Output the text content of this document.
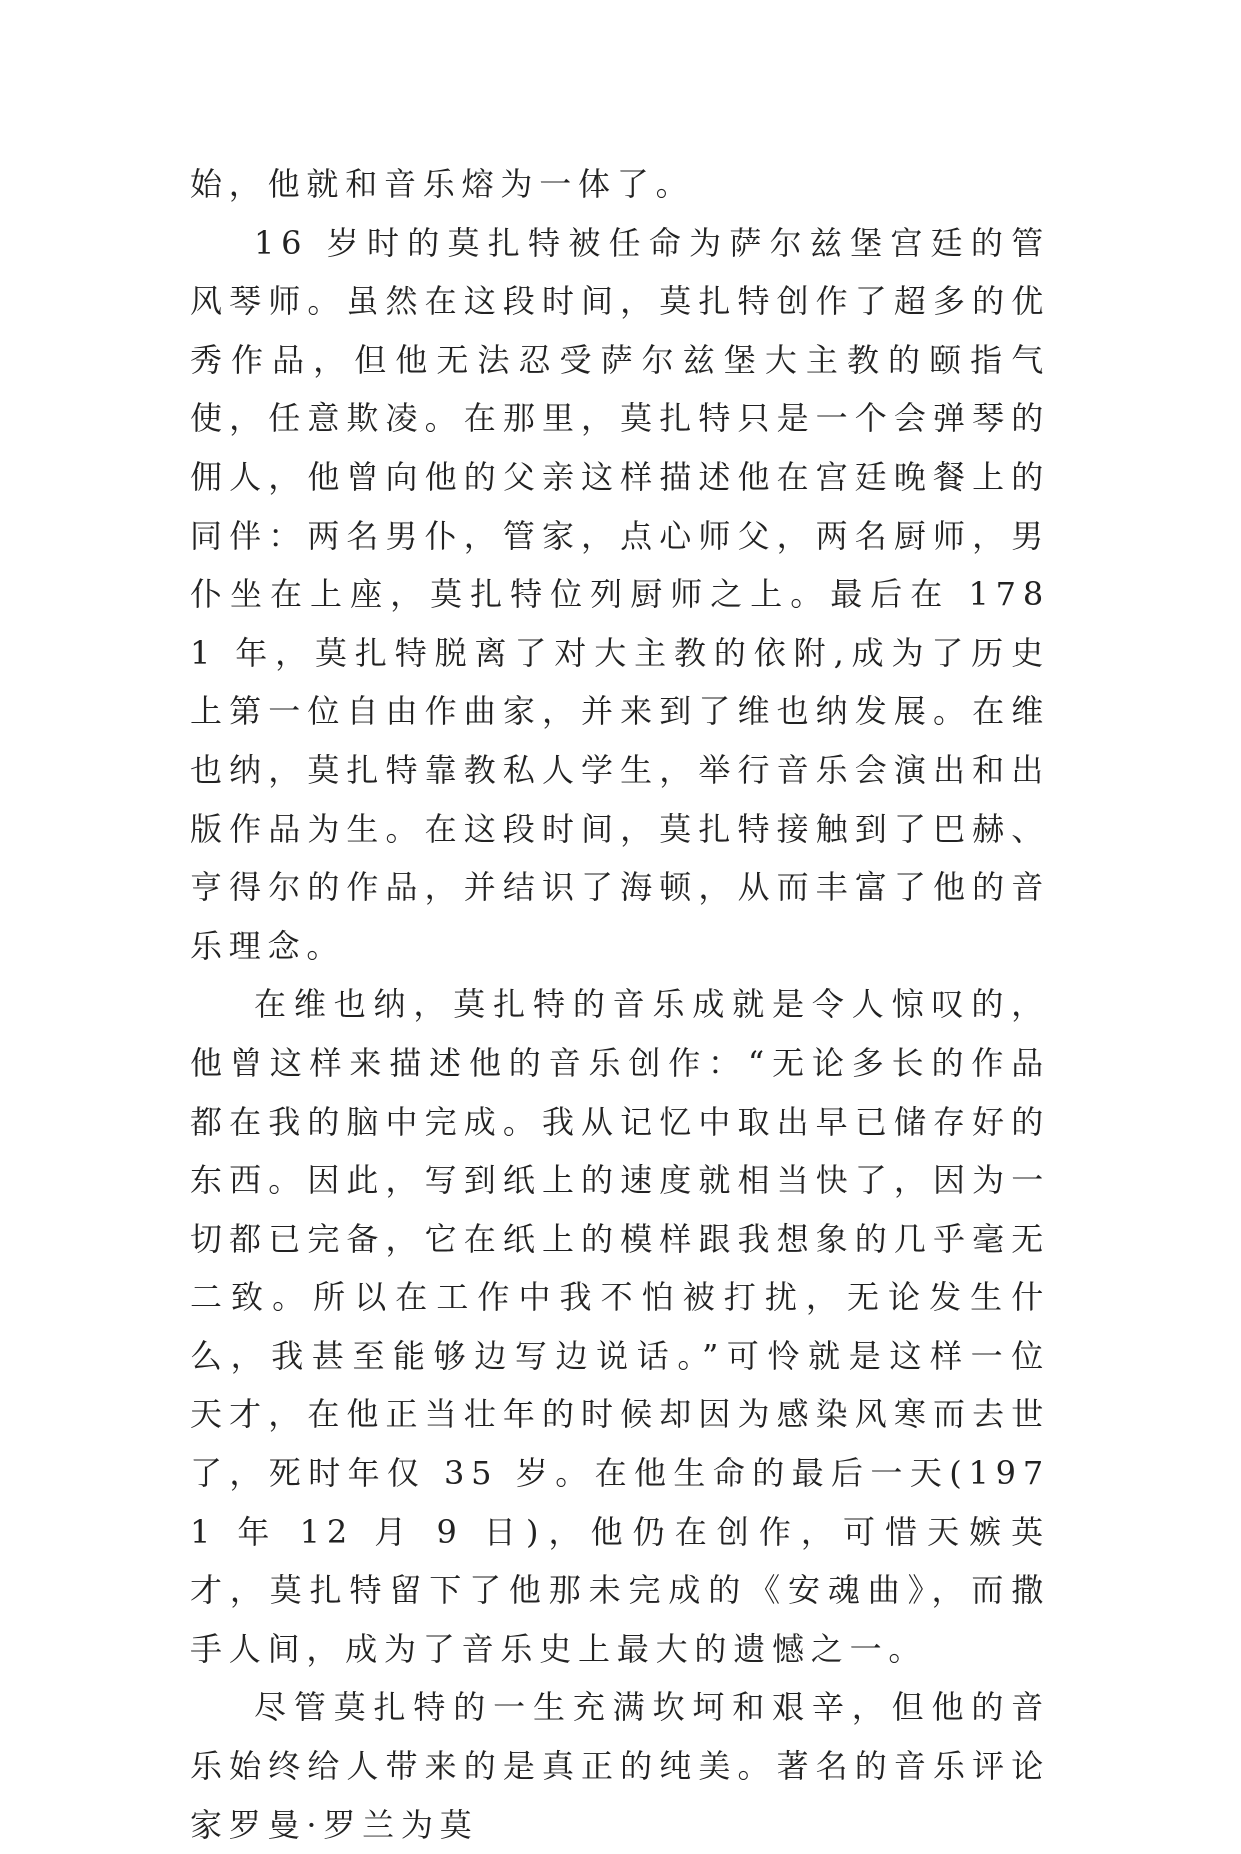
始，他就和音乐熔为一体了。

16 岁时的莫扎特被任命为萨尔兹堡宫廷的管风琴师。虽然在这段时间，莫扎特创作了超多的优秀作品，但他无法忍受萨尔兹堡大主教的颐指气使，任意欺凌。在那里，莫扎特只是一个会弹琴的佣人，他曾向他的父亲这样描述他在宫廷晚餐上的同伴：两名男仆，管家，点心师父，两名厨师，男仆坐在上座，莫扎特位列厨师之上。最后在 1781 年，莫扎特脱离了对大主教的依附,成为了历史上第一位自由作曲家，并来到了维也纳发展。在维也纳，莫扎特靠教私人学生，举行音乐会演出和出版作品为生。在这段时间，莫扎特接触到了巴赫、亨得尔的作品，并结识了海顿，从而丰富了他的音乐理念。

在维也纳，莫扎特的音乐成就是令人惊叹的，他曾这样来描述他的音乐创作：“无论多长的作品都在我的脑中完成。我从记忆中取出早已储存好的东西。因此，写到纸上的速度就相当快了，因为一切都已完备，它在纸上的模样跟我想象的几乎毫无二致。所以在工作中我不怕被打扰，无论发生什么，我甚至能够边写边说话。”可怜就是这样一位天才，在他正当壮年的时候却因为感染风寒而去世了，死时年仅 35 岁。在他生命的最后一天(1971 年 12 月 9 日)，他仍在创作，可惜天嫉英才，莫扎特留下了他那未完成的《安魂曲》，而撒手人间，成为了音乐史上最大的遗憾之一。

尽管莫扎特的一生充满坎坷和艰辛，但他的音乐始终给人带来的是真正的纯美。著名的音乐评论家罗曼·罗兰为莫
